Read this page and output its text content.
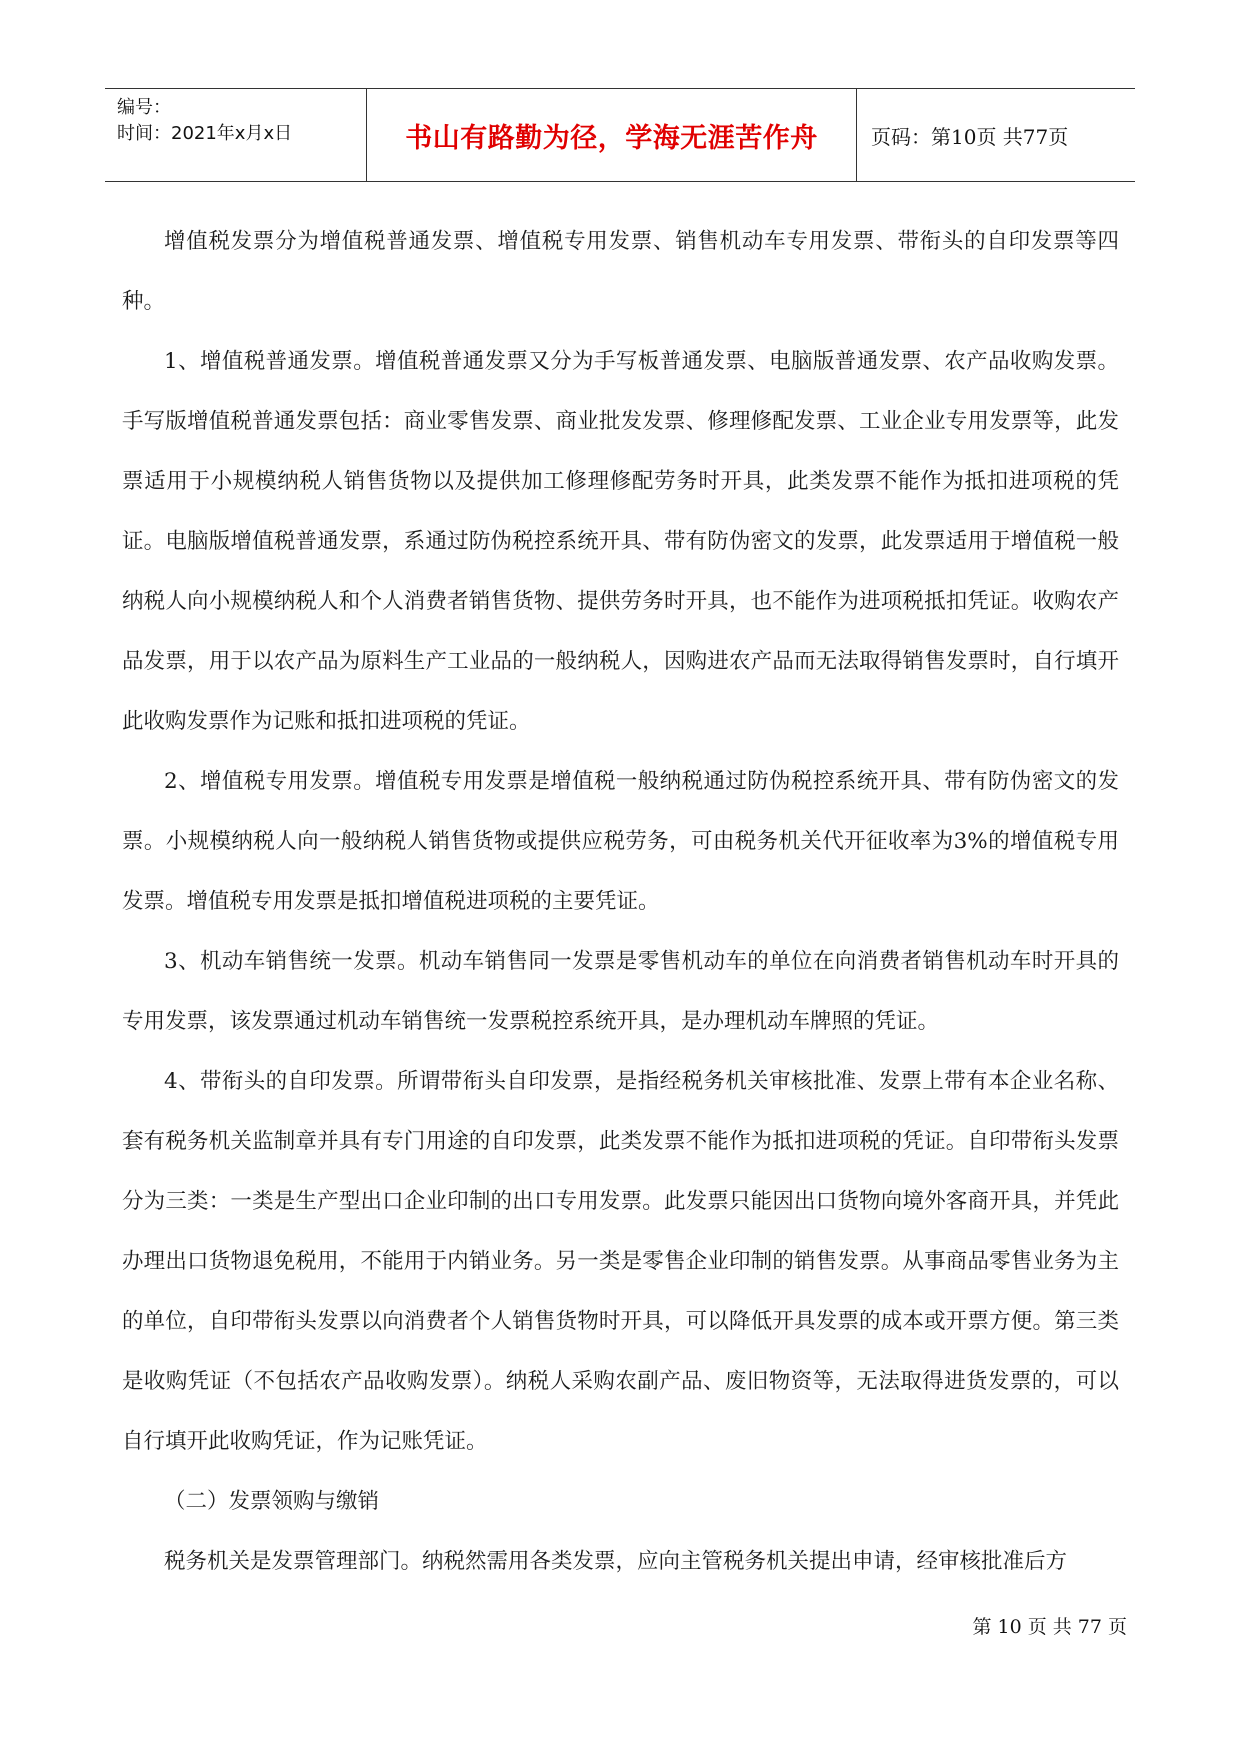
编号：
时间：2021年x月x日	书山有路勤为径，学海无涯苦作舟	页码：第10页 共77页

增值税发票分为增值税普通发票、增值税专用发票、销售机动车专用发票、带衔头的自印发票等四种。

1、增值税普通发票。增值税普通发票又分为手写板普通发票、电脑版普通发票、农产品收购发票。手写版增值税普通发票包括：商业零售发票、商业批发发票、修理修配发票、工业企业专用发票等，此发票适用于小规模纳税人销售货物以及提供加工修理修配劳务时开具，此类发票不能作为抵扣进项税的凭证。电脑版增值税普通发票，系通过防伪税控系统开具、带有防伪密文的发票，此发票适用于增值税一般纳税人向小规模纳税人和个人消费者销售货物、提供劳务时开具，也不能作为进项税抵扣凭证。收购农产品发票，用于以农产品为原料生产工业品的一般纳税人，因购进农产品而无法取得销售发票时，自行填开此收购发票作为记账和抵扣进项税的凭证。

2、增值税专用发票。增值税专用发票是增值税一般纳税通过防伪税控系统开具、带有防伪密文的发票。小规模纳税人向一般纳税人销售货物或提供应税劳务，可由税务机关代开征收率为3%的增值税专用发票。增值税专用发票是抵扣增值税进项税的主要凭证。

3、机动车销售统一发票。机动车销售同一发票是零售机动车的单位在向消费者销售机动车时开具的专用发票，该发票通过机动车销售统一发票税控系统开具，是办理机动车牌照的凭证。

4、带衔头的自印发票。所谓带衔头自印发票，是指经税务机关审核批准、发票上带有本企业名称、套有税务机关监制章并具有专门用途的自印发票，此类发票不能作为抵扣进项税的凭证。自印带衔头发票分为三类：一类是生产型出口企业印制的出口专用发票。此发票只能因出口货物向境外客商开具，并凭此办理出口货物退免税用，不能用于内销业务。另一类是零售企业印制的销售发票。从事商品零售业务为主的单位，自印带衔头发票以向消费者个人销售货物时开具，可以降低开具发票的成本或开票方便。第三类是收购凭证（不包括农产品收购发票）。纳税人采购农副产品、废旧物资等，无法取得进货发票的，可以自行填开此收购凭证，作为记账凭证。

（二）发票领购与缴销

税务机关是发票管理部门。纳税然需用各类发票，应向主管税务机关提出申请，经审核批准后方

第 10 页 共 77 页
